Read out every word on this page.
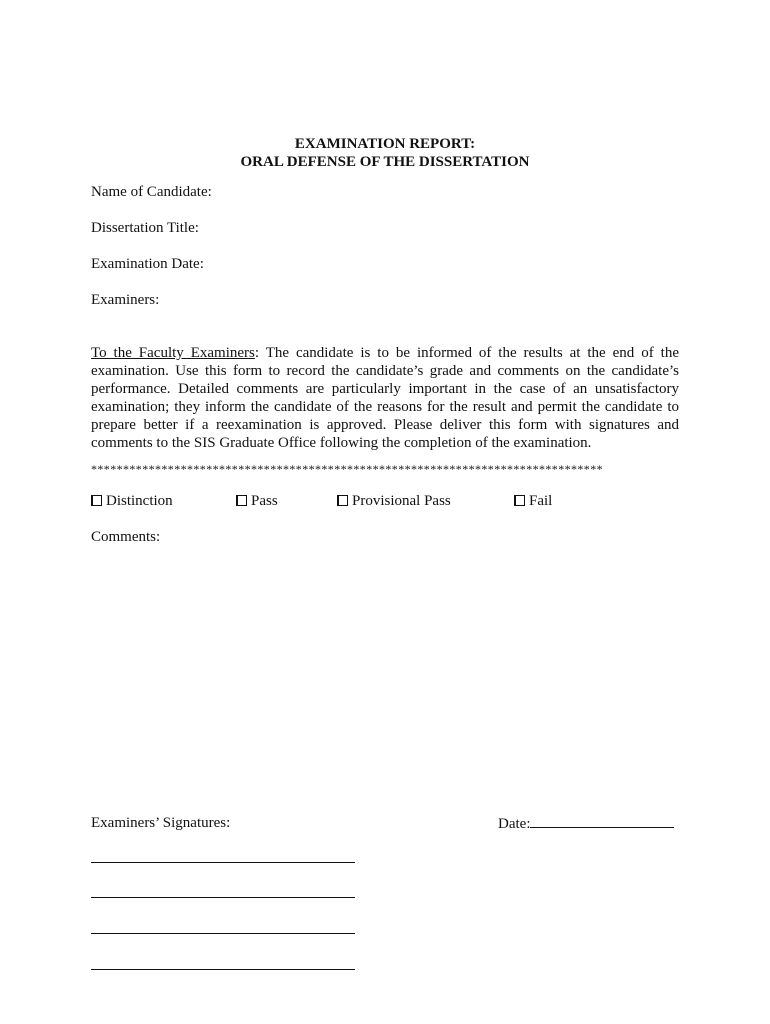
EXAMINATION REPORT:
ORAL DEFENSE OF THE DISSERTATION
Name of Candidate:
Dissertation Title:
Examination Date:
Examiners:
To the Faculty Examiners: The candidate is to be informed of the results at the end of the examination. Use this form to record the candidate’s grade and comments on the candidate’s performance. Detailed comments are particularly important in the case of an unsatisfactory examination; they inform the candidate of the reasons for the result and permit the candidate to prepare better if a reexamination is approved. Please deliver this form with signatures and comments to the SIS Graduate Office following the completion of the examination.
********************************************************************************
Distinction	Pass	Provisional Pass	Fail
Comments:
Examiners’ Signatures:	Date:
